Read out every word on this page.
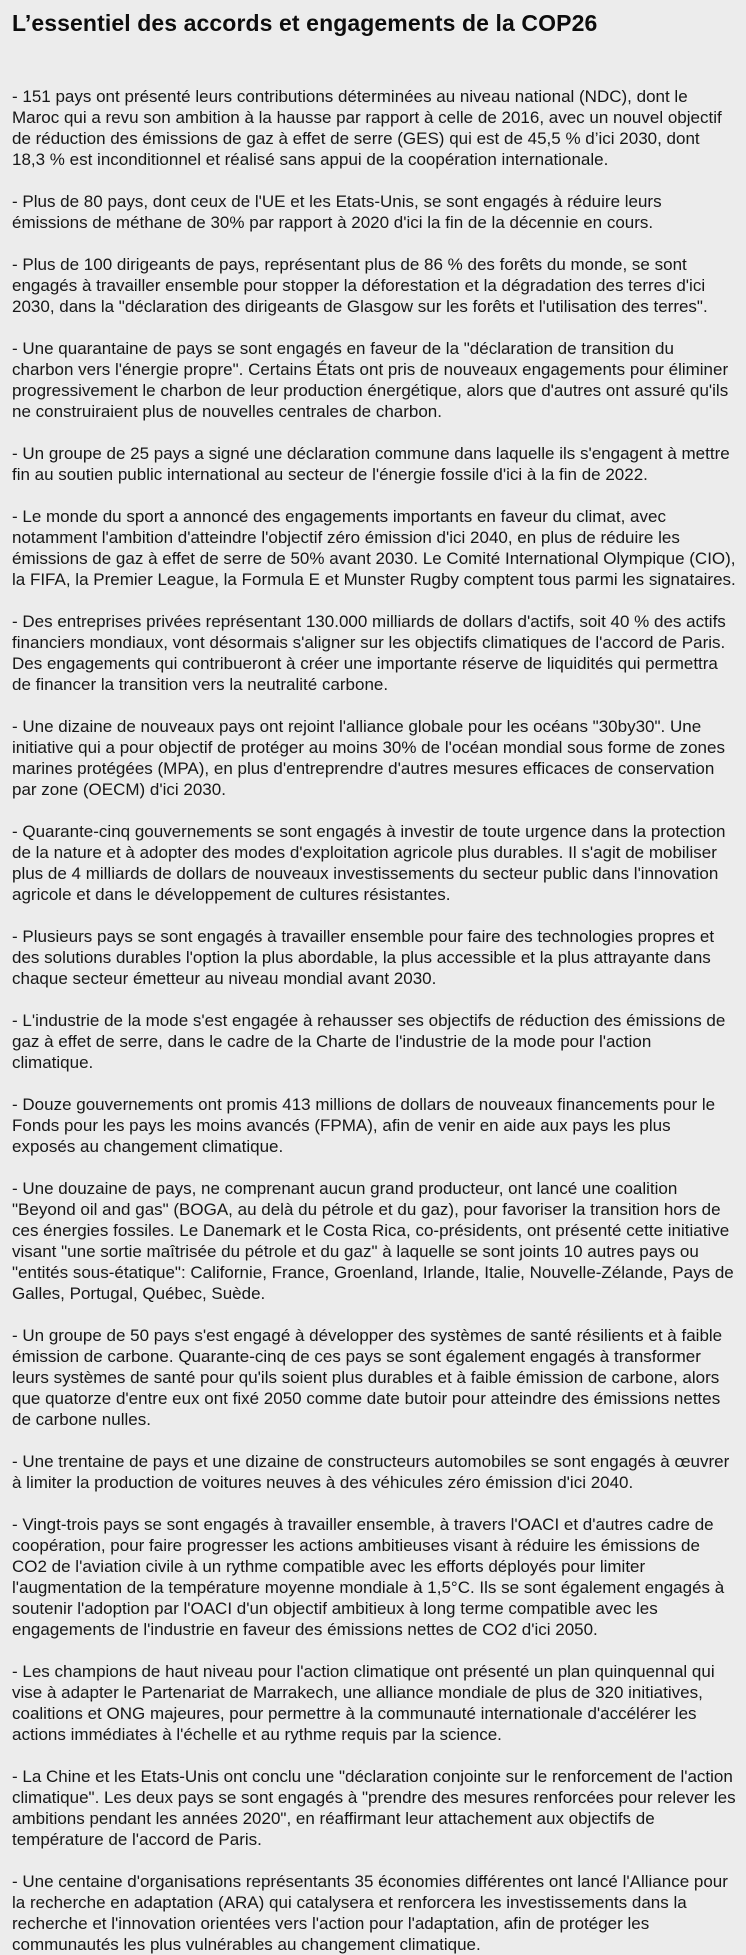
L’essentiel des accords et engagements de la COP26
- 151 pays ont présenté leurs contributions déterminées au niveau national (NDC), dont le Maroc qui a revu son ambition à la hausse par rapport à celle de 2016, avec un nouvel objectif de réduction des émissions de gaz à effet de serre (GES) qui est de 45,5 % d’ici 2030, dont 18,3 % est inconditionnel et réalisé sans appui de la coopération internationale.
- Plus de 80 pays, dont ceux de l'UE et les Etats-Unis, se sont engagés à réduire leurs émissions de méthane de 30% par rapport à 2020 d'ici la fin de la décennie en cours.
- Plus de 100 dirigeants de pays, représentant plus de 86 % des forêts du monde, se sont engagés à travailler ensemble pour stopper la déforestation et la dégradation des terres d'ici 2030, dans la "déclaration des dirigeants de Glasgow sur les forêts et l'utilisation des terres".
- Une quarantaine de pays se sont engagés en faveur de la "déclaration de transition du charbon vers l'énergie propre". Certains États ont pris de nouveaux engagements pour éliminer progressivement le charbon de leur production énergétique, alors que d'autres ont assuré qu'ils ne construiraient plus de nouvelles centrales de charbon.
- Un groupe de 25 pays a signé une déclaration commune dans laquelle ils s'engagent à mettre fin au soutien public international au secteur de l'énergie fossile d'ici à la fin de 2022.
- Le monde du sport a annoncé des engagements importants en faveur du climat, avec notamment l'ambition d'atteindre l'objectif zéro émission d'ici 2040, en plus de réduire les émissions de gaz à effet de serre de 50% avant 2030. Le Comité International Olympique (CIO), la FIFA, la Premier League, la Formula E et Munster Rugby comptent tous parmi les signataires.
- Des entreprises privées représentant 130.000 milliards de dollars d'actifs, soit 40 % des actifs financiers mondiaux, vont désormais s'aligner sur les objectifs climatiques de l'accord de Paris. Des engagements qui contribueront à créer une importante réserve de liquidités qui permettra de financer la transition vers la neutralité carbone.
- Une dizaine de nouveaux pays ont rejoint l'alliance globale pour les océans "30by30". Une initiative qui a pour objectif de protéger au moins 30% de l'océan mondial sous forme de zones marines protégées (MPA), en plus d'entreprendre d'autres mesures efficaces de conservation par zone (OECM) d'ici 2030.
- Quarante-cinq gouvernements se sont engagés à investir de toute urgence dans la protection de la nature et à adopter des modes d'exploitation agricole plus durables. Il s'agit de mobiliser plus de 4 milliards de dollars de nouveaux investissements du secteur public dans l'innovation agricole et dans le développement de cultures résistantes.
- Plusieurs pays se sont engagés à travailler ensemble pour faire des technologies propres et des solutions durables l'option la plus abordable, la plus accessible et la plus attrayante dans chaque secteur émetteur au niveau mondial avant 2030.
- L'industrie de la mode s'est engagée à rehausser ses objectifs de réduction des émissions de gaz à effet de serre, dans le cadre de la Charte de l'industrie de la mode pour l'action climatique.
- Douze gouvernements ont promis 413 millions de dollars de nouveaux financements pour le Fonds pour les pays les moins avancés (FPMA), afin de venir en aide aux pays les plus exposés au changement climatique.
- Une douzaine de pays, ne comprenant aucun grand producteur, ont lancé une coalition "Beyond oil and gas" (BOGA, au delà du pétrole et du gaz), pour favoriser la transition hors de ces énergies fossiles. Le Danemark et le Costa Rica, co-présidents, ont présenté cette initiative visant "une sortie maîtrisée du pétrole et du gaz" à laquelle se sont joints 10 autres pays ou "entités sous-étatique": Californie, France, Groenland, Irlande, Italie, Nouvelle-Zélande, Pays de Galles, Portugal, Québec, Suède.
- Un groupe de 50 pays s'est engagé à développer des systèmes de santé résilients et à faible émission de carbone. Quarante-cinq de ces pays se sont également engagés à transformer leurs systèmes de santé pour qu'ils soient plus durables et à faible émission de carbone, alors que quatorze d'entre eux ont fixé 2050 comme date butoir pour atteindre des émissions nettes de carbone nulles.
- Une trentaine de pays et une dizaine de constructeurs automobiles se sont engagés à œuvrer à limiter la production de voitures neuves à des véhicules zéro émission d'ici 2040.
- Vingt-trois pays se sont engagés à travailler ensemble, à travers l'OACI et d'autres cadre de coopération, pour faire progresser les actions ambitieuses visant à réduire les émissions de CO2 de l'aviation civile à un rythme compatible avec les efforts déployés pour limiter l'augmentation de la température moyenne mondiale à 1,5°C. Ils se sont également engagés à soutenir l'adoption par l'OACI d'un objectif ambitieux à long terme compatible avec les engagements de l'industrie en faveur des émissions nettes de CO2 d'ici 2050.
- Les champions de haut niveau pour l'action climatique ont présenté un plan quinquennal qui vise à adapter le Partenariat de Marrakech, une alliance mondiale de plus de 320 initiatives, coalitions et ONG majeures, pour permettre à la communauté internationale d'accélérer les actions immédiates à l'échelle et au rythme requis par la science.
- La Chine et les Etats-Unis ont conclu une "déclaration conjointe sur le renforcement de l'action climatique". Les deux pays se sont engagés à "prendre des mesures renforcées pour relever les ambitions pendant les années 2020", en réaffirmant leur attachement aux objectifs de température de l'accord de Paris.
- Une centaine d'organisations représentants 35 économies différentes ont lancé l'Alliance pour la recherche en adaptation (ARA) qui catalysera et renforcera les investissements dans la recherche et l'innovation orientées vers l'action pour l'adaptation, afin de protéger les communautés les plus vulnérables au changement climatique.
